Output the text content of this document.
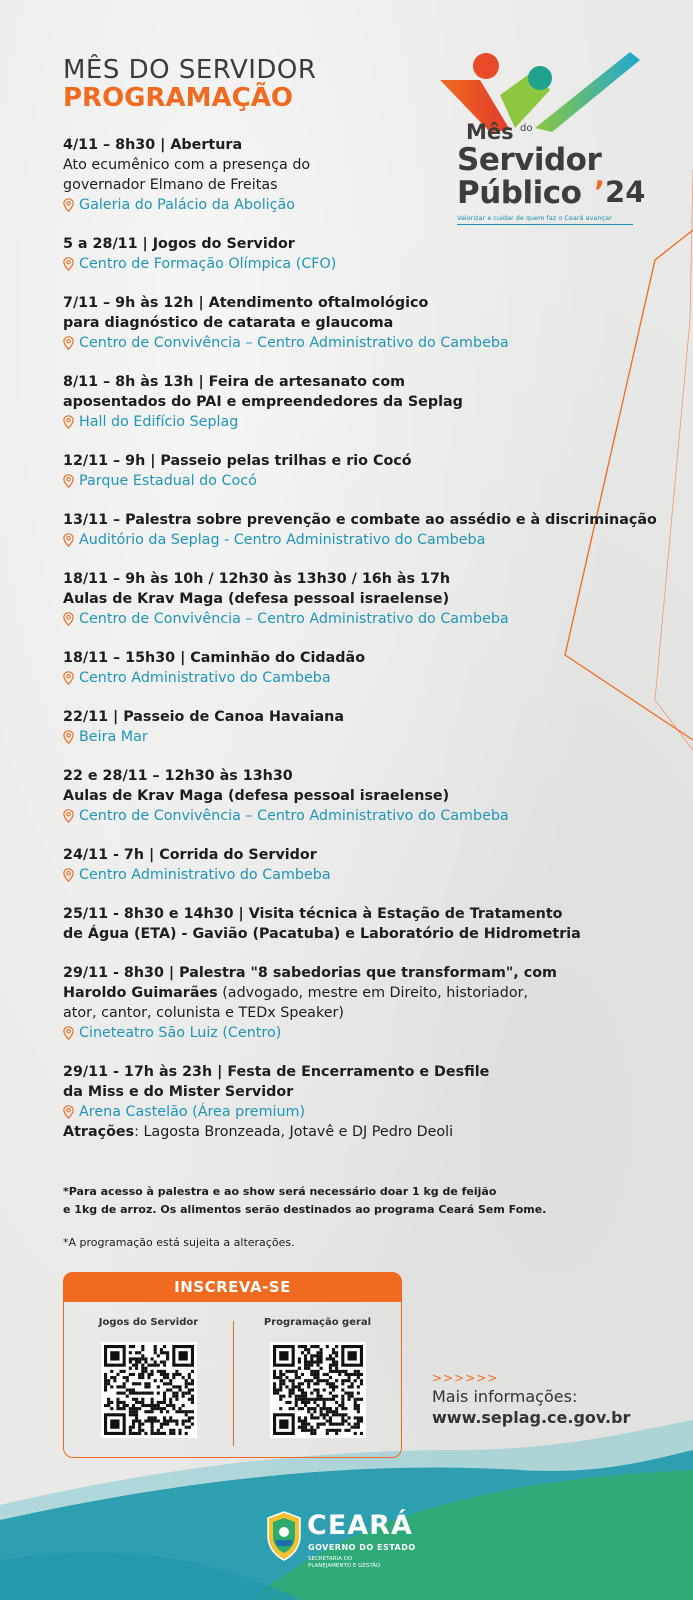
MÊS DO SERVIDOR
PROGRAMAÇÃO
Mês do
Servidor
Público ’24
Valorizar e cuidar de quem faz o Ceará avançar
4/11 – 8h30 | Abertura
Ato ecumênico com a presença do
governador Elmano de Freitas
Galeria do Palácio da Abolição
5 a 28/11 | Jogos do Servidor
Centro de Formação Olímpica (CFO)
7/11 – 9h às 12h | Atendimento oftalmológico
para diagnóstico de catarata e glaucoma
Centro de Convivência – Centro Administrativo do Cambeba
8/11 – 8h às 13h | Feira de artesanato com
aposentados do PAI e empreendedores da Seplag
Hall do Edifício Seplag
12/11 – 9h | Passeio pelas trilhas e rio Cocó
Parque Estadual do Cocó
13/11 – Palestra sobre prevenção e combate ao assédio e à discriminação
Auditório da Seplag - Centro Administrativo do Cambeba
18/11 – 9h às 10h / 12h30 às 13h30 / 16h às 17h
Aulas de Krav Maga (defesa pessoal israelense)
Centro de Convivência – Centro Administrativo do Cambeba
18/11 – 15h30 | Caminhão do Cidadão
Centro Administrativo do Cambeba
22/11 | Passeio de Canoa Havaiana
Beira Mar
22 e 28/11 – 12h30 às 13h30
Aulas de Krav Maga (defesa pessoal israelense)
Centro de Convivência – Centro Administrativo do Cambeba
24/11 - 7h | Corrida do Servidor
Centro Administrativo do Cambeba
25/11 - 8h30 e 14h30 | Visita técnica à Estação de Tratamento
de Água (ETA) - Gavião (Pacatuba) e Laboratório de Hidrometria
29/11 - 8h30 | Palestra "8 sabedorias que transformam", com
Haroldo Guimarães (advogado, mestre em Direito, historiador,
ator, cantor, colunista e TEDx Speaker)
Cineteatro São Luiz (Centro)
29/11 - 17h às 23h | Festa de Encerramento e Desfile
da Miss e do Mister Servidor
Arena Castelão (Área premium)
Atrações: Lagosta Bronzeada, Jotavê e DJ Pedro Deoli
*Para acesso à palestra e ao show será necessário doar 1 kg de feijão
e 1kg de arroz. Os alimentos serão destinados ao programa Ceará Sem Fome.
*A programação está sujeita a alterações.
INSCREVA-SE
Jogos do Servidor	Programação geral
>>>>>>
Mais informações:
www.seplag.ce.gov.br
CEARÁ
GOVERNO DO ESTADO
SECRETARIA DO PLANEJAMENTO E GESTÃO
